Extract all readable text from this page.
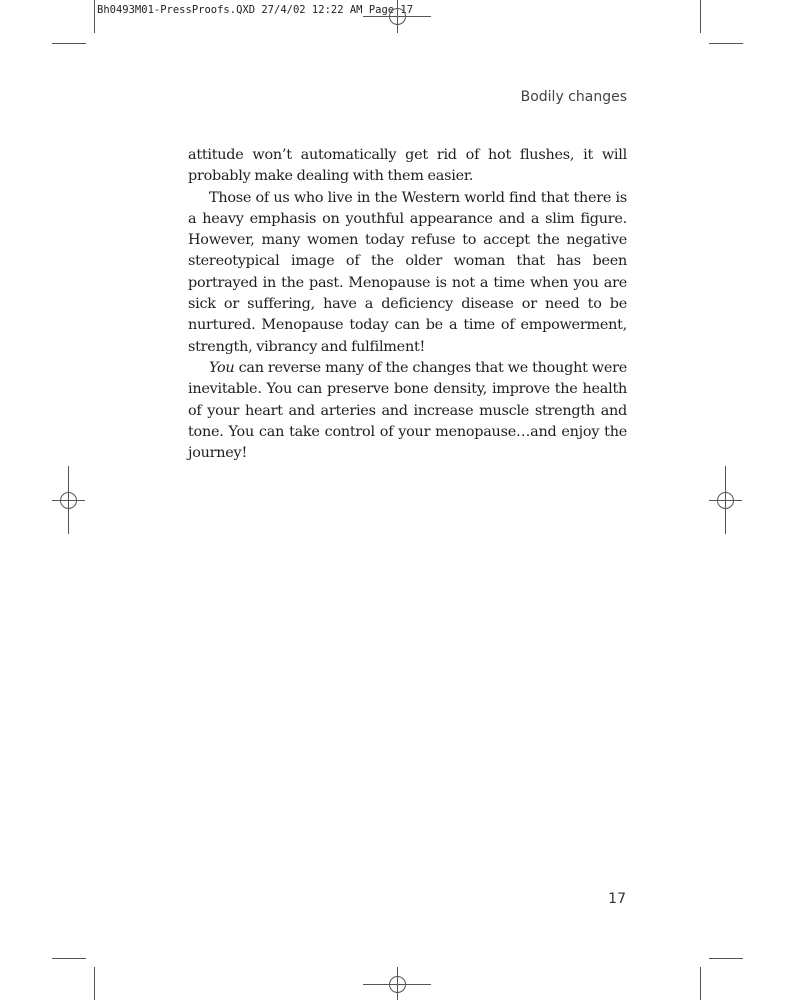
Bh0493M01-PressProofs.QXD 27/4/02 12:22 AM Page 17
Bodily changes

attitude won’t automatically get rid of hot flushes, it will probably make dealing with them easier.

Those of us who live in the Western world find that there is a heavy emphasis on youthful appearance and a slim figure. However, many women today refuse to accept the negative stereotypical image of the older woman that has been portrayed in the past. Menopause is not a time when you are sick or suffering, have a deficiency disease or need to be nurtured. Menopause today can be a time of empowerment, strength, vibrancy and fulfilment!

You can reverse many of the changes that we thought were inevitable. You can preserve bone density, improve the health of your heart and arteries and increase muscle strength and tone. You can take control of your menopause…and enjoy the journey!

17
